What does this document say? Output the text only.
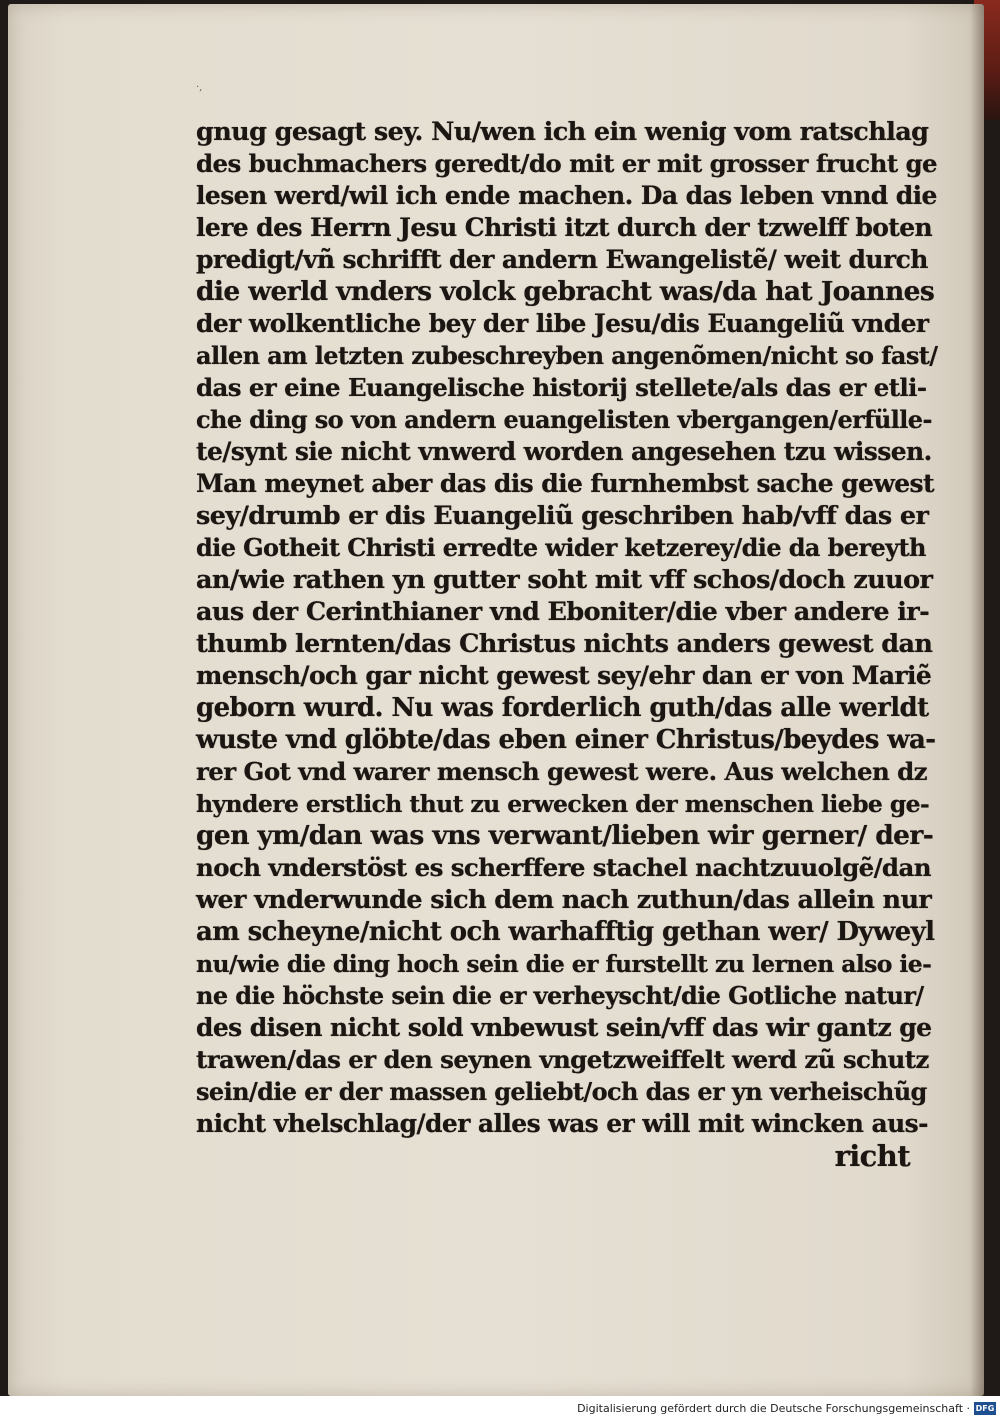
·,
gnug gesagt sey. Nu/wen ich ein wenig vom ratschlag
des buchmachers geredt/do mit er mit grosser frucht ge
lesen werd/wil ich ende machen. Da das leben vnnd die
lere des Herrn Jesu Christi itzt durch der tzwelff boten
predigt/vñ schrifft der andern Ewangelistẽ/ weit durch
die werld vnders volck gebracht was/da hat Joannes
der wolkentliche bey der libe Jesu/dis Euangeliũ vnder
allen am letzten zubeschreyben angenõmen/nicht so fast/
das er eine Euangelische historij stellete/als das er etli-
che ding so von andern euangelisten vbergangen/erfülle-
te/synt sie nicht vnwerd worden angesehen tzu wissen.
Man meynet aber das dis die furnhembst sache gewest
sey/drumb er dis Euangeliũ geschriben hab/vff das er
die Gotheit Christi erredte wider ketzerey/die da bereyth
an/wie rathen yn gutter soht mit vff schos/doch zuuor
aus der Cerinthianer vnd Eboniter/die vber andere ir-
thumb lernten/das Christus nichts anders gewest dan
mensch/och gar nicht gewest sey/ehr dan er von Mariẽ
geborn wurd. Nu was forderlich guth/das alle werldt
wuste vnd glöbte/das eben einer Christus/beydes wa-
rer Got vnd warer mensch gewest were. Aus welchen dz
hyndere erstlich thut zu erwecken der menschen liebe ge-
gen ym/dan was vns verwant/lieben wir gerner/ der-
noch vnderstöst es scherffere stachel nachtzuuolgẽ/dan
wer vnderwunde sich dem nach zuthun/das allein nur
am scheyne/nicht och warhafftig gethan wer/ Dyweyl
nu/wie die ding hoch sein die er furstellt zu lernen also ie-
ne die höchste sein die er verheyscht/die Gotliche natur/
des disen nicht sold vnbewust sein/vff das wir gantz ge
trawen/das er den seynen vngetzweiffelt werd zũ schutz
sein/die er der massen geliebt/och das er yn verheischũg
nicht vhelschlag/der alles was er will mit wincken aus-
richt
Digitalisierung gefördert durch die Deutsche Forschungsgemeinschaft · DFG
